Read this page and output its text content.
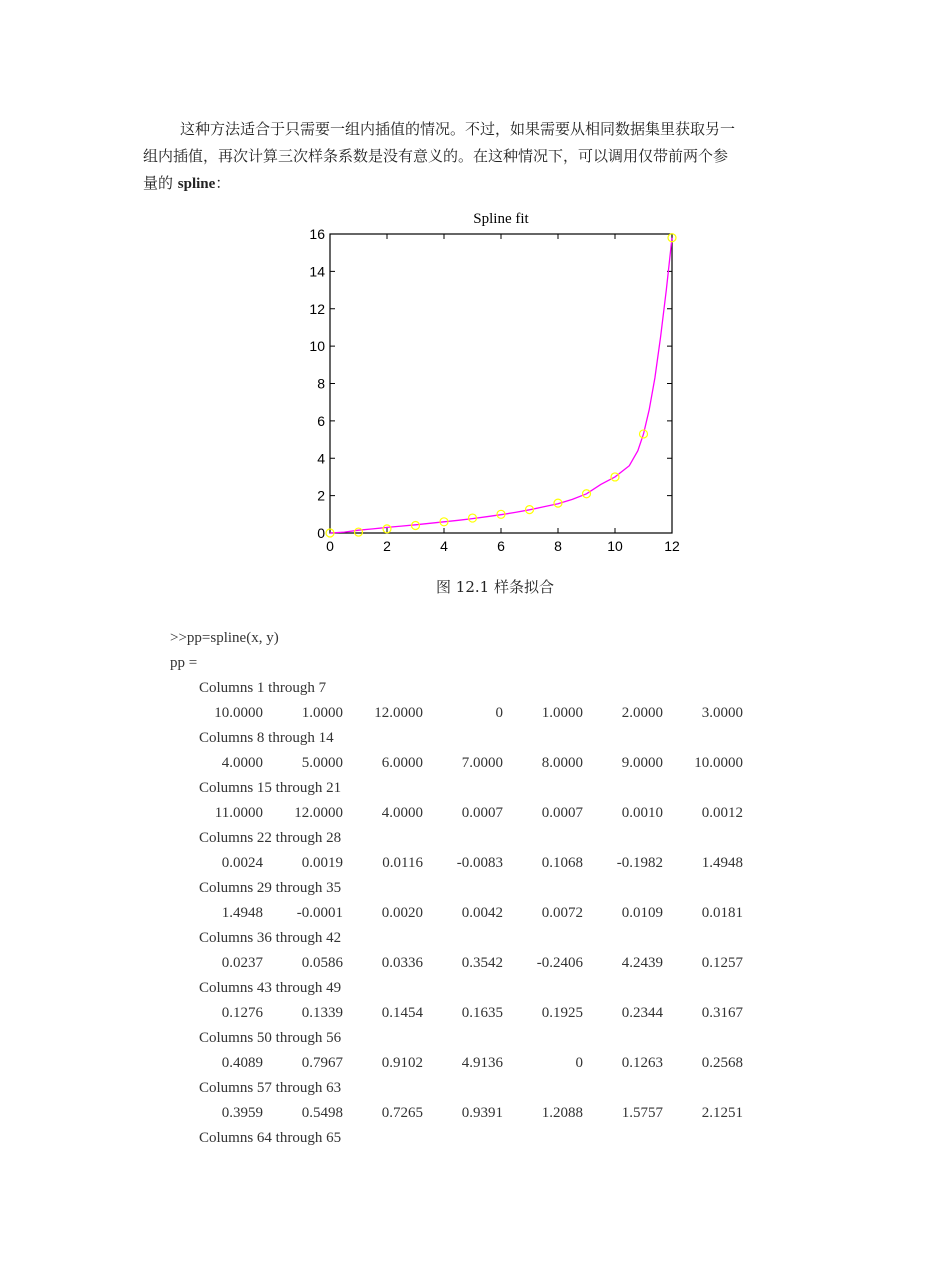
这种方法适合于只需要一组内插值的情况。不过，如果需要从相同数据集里获取另一
组内插值，再次计算三次样条系数是没有意义的。在这种情况下，可以调用仅带前两个参
量的 spline：
Spline fit
0	2	4	6	8	10	12
0
2
4
6
8
10
12
14
16
图 12.1 样条拟合
>>pp=spline(x, y)
pp =
Columns 1 through 7
10.0000	1.0000	12.0000	0	1.0000	2.0000	3.0000
Columns 8 through 14
4.0000	5.0000	6.0000	7.0000	8.0000	9.0000	10.0000
Columns 15 through 21
11.0000	12.0000	4.0000	0.0007	0.0007	0.0010	0.0012
Columns 22 through 28
0.0024	0.0019	0.0116	-0.0083	0.1068	-0.1982	1.4948
Columns 29 through 35
1.4948	-0.0001	0.0020	0.0042	0.0072	0.0109	0.0181
Columns 36 through 42
0.0237	0.0586	0.0336	0.3542	-0.2406	4.2439	0.1257
Columns 43 through 49
0.1276	0.1339	0.1454	0.1635	0.1925	0.2344	0.3167
Columns 50 through 56
0.4089	0.7967	0.9102	4.9136	0	0.1263	0.2568
Columns 57 through 63
0.3959	0.5498	0.7265	0.9391	1.2088	1.5757	2.1251
Columns 64 through 65
